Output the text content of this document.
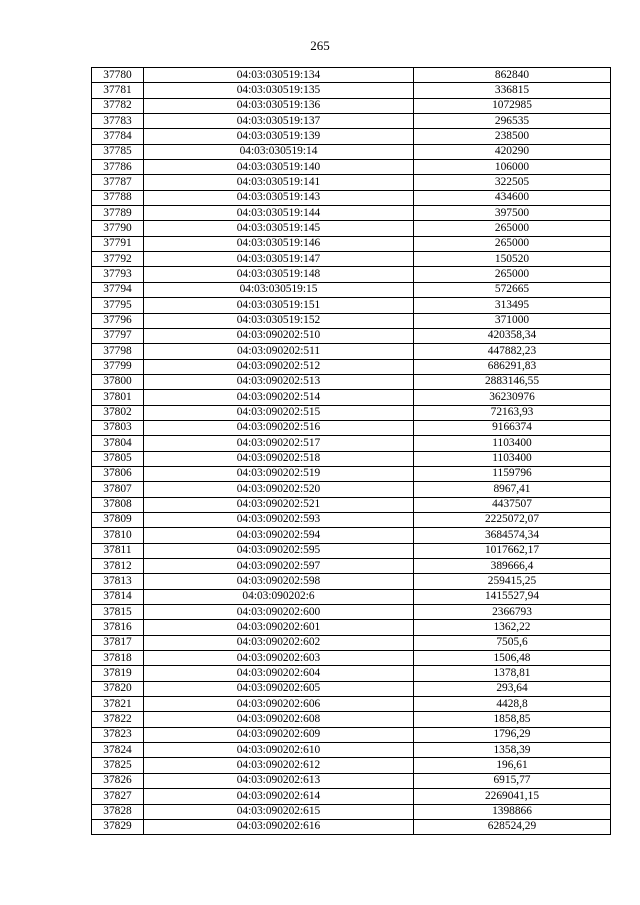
265
37780	04:03:030519:134	862840
37781	04:03:030519:135	336815
37782	04:03:030519:136	1072985
37783	04:03:030519:137	296535
37784	04:03:030519:139	238500
37785	04:03:030519:14	420290
37786	04:03:030519:140	106000
37787	04:03:030519:141	322505
37788	04:03:030519:143	434600
37789	04:03:030519:144	397500
37790	04:03:030519:145	265000
37791	04:03:030519:146	265000
37792	04:03:030519:147	150520
37793	04:03:030519:148	265000
37794	04:03:030519:15	572665
37795	04:03:030519:151	313495
37796	04:03:030519:152	371000
37797	04:03:090202:510	420358,34
37798	04:03:090202:511	447882,23
37799	04:03:090202:512	686291,83
37800	04:03:090202:513	2883146,55
37801	04:03:090202:514	36230976
37802	04:03:090202:515	72163,93
37803	04:03:090202:516	9166374
37804	04:03:090202:517	1103400
37805	04:03:090202:518	1103400
37806	04:03:090202:519	1159796
37807	04:03:090202:520	8967,41
37808	04:03:090202:521	4437507
37809	04:03:090202:593	2225072,07
37810	04:03:090202:594	3684574,34
37811	04:03:090202:595	1017662,17
37812	04:03:090202:597	389666,4
37813	04:03:090202:598	259415,25
37814	04:03:090202:6	1415527,94
37815	04:03:090202:600	2366793
37816	04:03:090202:601	1362,22
37817	04:03:090202:602	7505,6
37818	04:03:090202:603	1506,48
37819	04:03:090202:604	1378,81
37820	04:03:090202:605	293,64
37821	04:03:090202:606	4428,8
37822	04:03:090202:608	1858,85
37823	04:03:090202:609	1796,29
37824	04:03:090202:610	1358,39
37825	04:03:090202:612	196,61
37826	04:03:090202:613	6915,77
37827	04:03:090202:614	2269041,15
37828	04:03:090202:615	1398866
37829	04:03:090202:616	628524,29
